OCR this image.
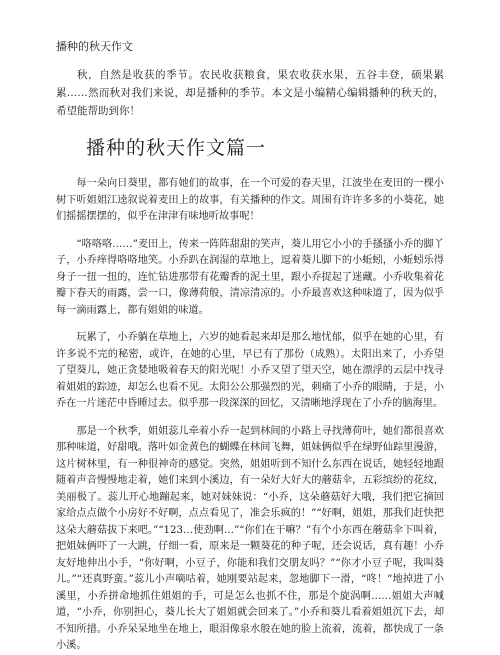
播种的秋天作文

秋，自然是收获的季节。农民收获粮食，果农收获水果，五谷丰登，硕果累累……然而秋对我们来说，却是播种的季节。本文是小编精心编辑播种的秋天的，希望能帮助到你！

播种的秋天作文篇一

每一朵向日葵里，都有她们的故事，在一个可爱的春天里，江波坐在麦田的一棵小树下听姐姐江逵叙说着麦田上的故事，有关播种的作文。周围有许许多多的小葵花，她们摇摇摆摆的，似乎在津津有味地听故事呢！

“咯咯咯……”麦田上，传来一阵阵甜甜的笑声，葵儿用它小小的手搔搔小乔的脚丫子，小乔痒得咯咯地笑。小乔趴在润湿的草地上，逗着葵儿脚下的小蚯蚓，小蚯蚓乐得身子一扭一扭的，连忙钻进那带有花瓣香的泥土里，跟小乔捉起了迷藏。小乔收集着花瓣下春天的雨露，尝一口，像薄荷般，清凉清凉的。小乔最喜欢这种味道了，因为似乎每一滴雨露上，都有姐姐的味道。

玩累了，小乔躺在草地上，六岁的她看起来却是那么地忧郁，似乎在她的心里，有许多说不完的秘密，或许，在她的心里，早已有了那份（成熟）。太阳出来了，小乔望了望葵儿，她正贪婪地吸着春天的阳光呢！小乔又望了望天空，她在漂浮的云层中找寻着姐姐的踪迹，却怎么也看不见。太阳公公那强烈的光，刺痛了小乔的眼睛，于是，小乔在一片迷茫中昏睡过去。似乎那一段深深的回忆，又清晰地浮现在了小乔的脑海里。

那是一个秋季，姐姐蕊儿牵着小乔一起到林间的小路上寻找薄荷叶，她们都很喜欢那种味道，好甜哦。落叶如金黄色的蝴蝶在林间飞舞，姐妹俩似乎在绿野仙踪里漫游，这片树林里，有一种很神奇的感觉。突然，姐姐听到不知什么东西在说话，她轻轻地跟随着声音慢慢地走着，她们来到小溪边，有一朵好大好大的蘑菇伞，五彩缤纷的花纹，美丽极了。蕊儿开心地蹦起来，她对妹妹说：“小乔，这朵蘑菇好大哦，我们把它摘回家给点点做个小房好不好啊，点点看见了，准会乐疯的！”“好啊，姐姐，那我们赶快把这朵大蘑菇拔下来吧。”“123…使劲啊…”“你们在干嘛？”有个小东西在蘑菇伞下叫着，把姐妹俩吓了一大跳，仔细一看，原来是一颗葵花的种子呢，还会说话，真有趣！小乔友好地伸出小手，“你好啊，小豆子，你能和我们交朋友吗？”“你才小豆子呢，我叫葵儿。”“还真野蛮。”蕊儿小声嘀咕着，她刚要站起来，忽地脚下一滑，“咚！”地掉进了小溪里，小乔拼命地抓住姐姐的手，可是怎么也抓不住，那是个旋涡啊……姐姐大声喊道，“小乔，你别担心，葵儿长大了姐姐就会回来了。”小乔和葵儿看着姐姐沉下去，却不知所措。小乔呆呆地坐在地上，眼泪像泉水般在她的脸上流着，流着，都快成了一条小溪。
